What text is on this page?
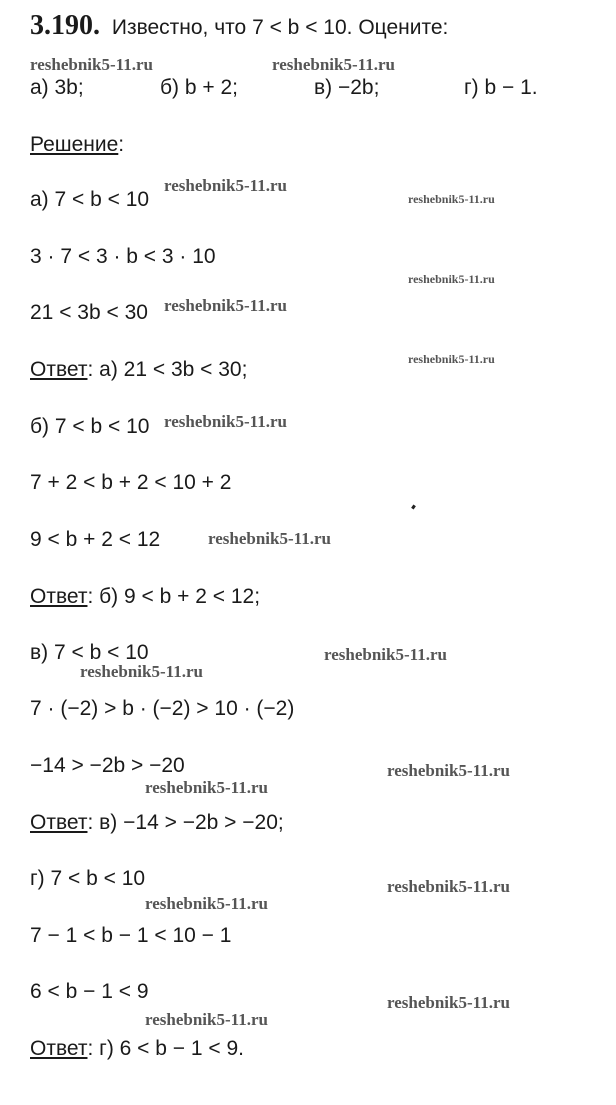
3.190. Известно, что 7 < b < 10. Оцените:
а) 3b;	б) b + 2;	в) −2b;	г) b − 1.
Решение:
а) 7 < b < 10
3 · 7 < 3 · b < 3 · 10
21 < 3b < 30
Ответ: а) 21 < 3b < 30;
б) 7 < b < 10
7 + 2 < b + 2 < 10 + 2
9 < b + 2 < 12
Ответ: б) 9 < b + 2 < 12;
в) 7 < b < 10
7 · (−2) > b · (−2) > 10 · (−2)
−14 > −2b > −20
Ответ: в) −14 > −2b > −20;
г) 7 < b < 10
7 − 1 < b − 1 < 10 − 1
6 < b − 1 < 9
Ответ: г) 6 < b − 1 < 9.
reshebnik5-11.ru	reshebnik5-11.ru
reshebnik5-11.ru
reshebnik5-11.ru
reshebnik5-11.ru
reshebnik5-11.ru
reshebnik5-11.ru
reshebnik5-11.ru
reshebnik5-11.ru
reshebnik5-11.ru
reshebnik5-11.ru
reshebnik5-11.ru
reshebnik5-11.ru
reshebnik5-11.ru
reshebnik5-11.ru
reshebnik5-11.ru
reshebnik5-11.ru
